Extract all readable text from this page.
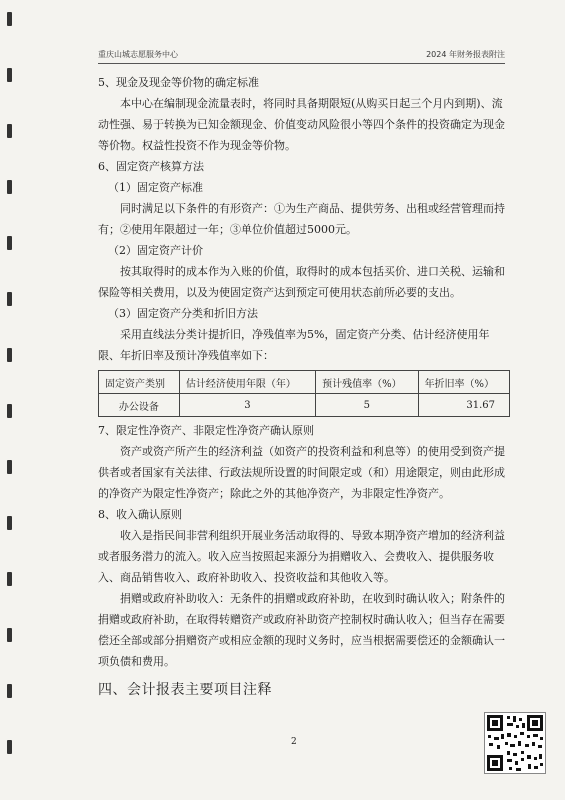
重庆山城志愿服务中心	2024 年财务报表附注

5、现金及现金等价物的确定标准

本中心在编制现金流量表时，将同时具备期限短(从购买日起三个月内到期)、流动性强、易于转换为已知金额现金、价值变动风险很小等四个条件的投资确定为现金等价物。权益性投资不作为现金等价物。

6、固定资产核算方法

（1）固定资产标准

同时满足以下条件的有形资产：①为生产商品、提供劳务、出租或经营管理而持有；②使用年限超过一年；③单位价值超过5000元。

（2）固定资产计价

按其取得时的成本作为入账的价值，取得时的成本包括买价、进口关税、运输和保险等相关费用，以及为使固定资产达到预定可使用状态前所必要的支出。

（3）固定资产分类和折旧方法

采用直线法分类计提折旧，净残值率为5%，固定资产分类、估计经济使用年限、年折旧率及预计净残值率如下：

固定资产类别	估计经济使用年限（年）	预计残值率（%）	年折旧率（%）
办公设备	3	5	31.67

7、限定性净资产、非限定性净资产确认原则

资产或资产所产生的经济利益（如资产的投资利益和利息等）的使用受到资产提供者或者国家有关法律、行政法规所设置的时间限定或（和）用途限定，则由此形成的净资产为限定性净资产；除此之外的其他净资产，为非限定性净资产。

8、收入确认原则

收入是指民间非营利组织开展业务活动取得的、导致本期净资产增加的经济利益或者服务潜力的流入。收入应当按照起来源分为捐赠收入、会费收入、提供服务收入、商品销售收入、政府补助收入、投资收益和其他收入等。

捐赠或政府补助收入：无条件的捐赠或政府补助，在收到时确认收入；附条件的捐赠或政府补助，在取得转赠资产或政府补助资产控制权时确认收入；但当存在需要偿还全部或部分捐赠资产或相应金额的现时义务时，应当根据需要偿还的金额确认一项负债和费用。

四、会计报表主要项目注释

2
